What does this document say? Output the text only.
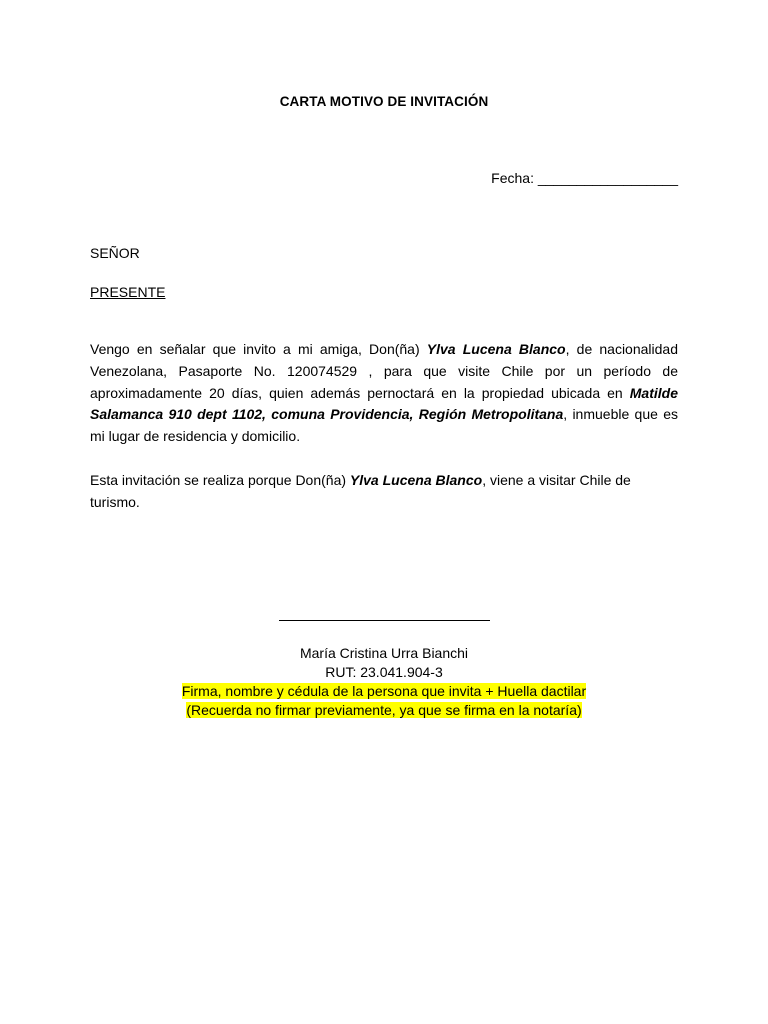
CARTA MOTIVO DE INVITACIÓN
Fecha: __________________
SEÑOR
PRESENTE
Vengo en señalar que invito a mi amiga, Don(ña) Ylva Lucena Blanco, de nacionalidad Venezolana, Pasaporte No. 120074529 , para que visite Chile por un período de aproximadamente 20 días, quien además pernoctará en la propiedad ubicada en Matilde Salamanca 910 dept 1102, comuna Providencia, Región Metropolitana, inmueble que es mi lugar de residencia y domicilio.
Esta invitación se realiza porque Don(ña) Ylva Lucena Blanco, viene a visitar Chile de turismo.
María Cristina Urra Bianchi
RUT: 23.041.904-3
Firma, nombre y cédula de la persona que invita + Huella dactilar
(Recuerda no firmar previamente, ya que se firma en la notaría)
